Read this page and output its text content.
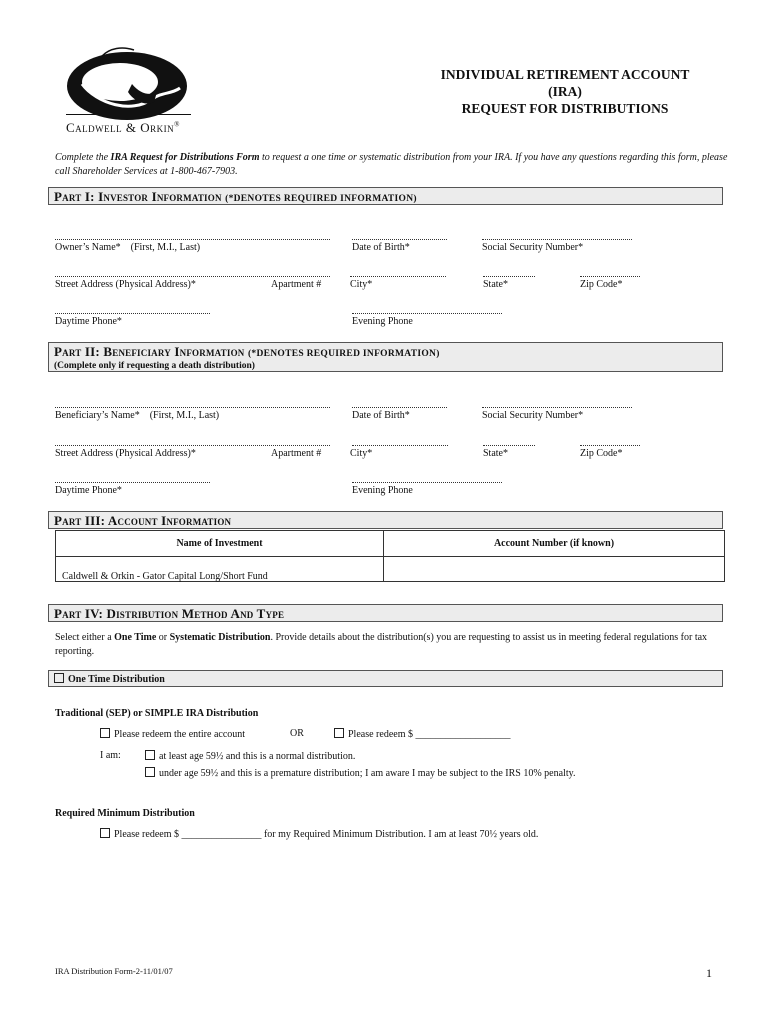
Caldwell & Orkin®
INDIVIDUAL RETIREMENT ACCOUNT
(IRA)
REQUEST FOR DISTRIBUTIONS
Complete the IRA Request for Distributions Form to request a one time or systematic distribution from your IRA. If you have any questions regarding this form, please call Shareholder Services at 1-800-467-7903.
Part I: Investor Information (*DENOTES REQUIRED INFORMATION)
Owner’s Name* (First, M.I., Last)	Date of Birth*	Social Security Number*
Street Address (Physical Address)*	Apartment #	City*	State*	Zip Code*
Daytime Phone*	Evening Phone
Part II: Beneficiary Information (*DENOTES REQUIRED INFORMATION)
(Complete only if requesting a death distribution)
Beneficiary’s Name* (First, M.I., Last)	Date of Birth*	Social Security Number*
Street Address (Physical Address)*	Apartment #	City*	State*	Zip Code*
Daytime Phone*	Evening Phone
Part III: Account Information
Name of Investment	Account Number (if known)
Caldwell & Orkin - Gator Capital Long/Short Fund
Part IV: Distribution Method And Type
Select either a One Time or Systematic Distribution. Provide details about the distribution(s) you are requesting to assist us in meeting federal regulations for tax reporting.
One Time Distribution
Traditional (SEP) or SIMPLE IRA Distribution
Please redeem the entire account	OR	Please redeem $ ___________________
I am:	at least age 59½ and this is a normal distribution.
under age 59½ and this is a premature distribution; I am aware I may be subject to the IRS 10% penalty.
Required Minimum Distribution
Please redeem $ ________________ for my Required Minimum Distribution. I am at least 70½ years old.
IRA Distribution Form-2-11/01/07	1
